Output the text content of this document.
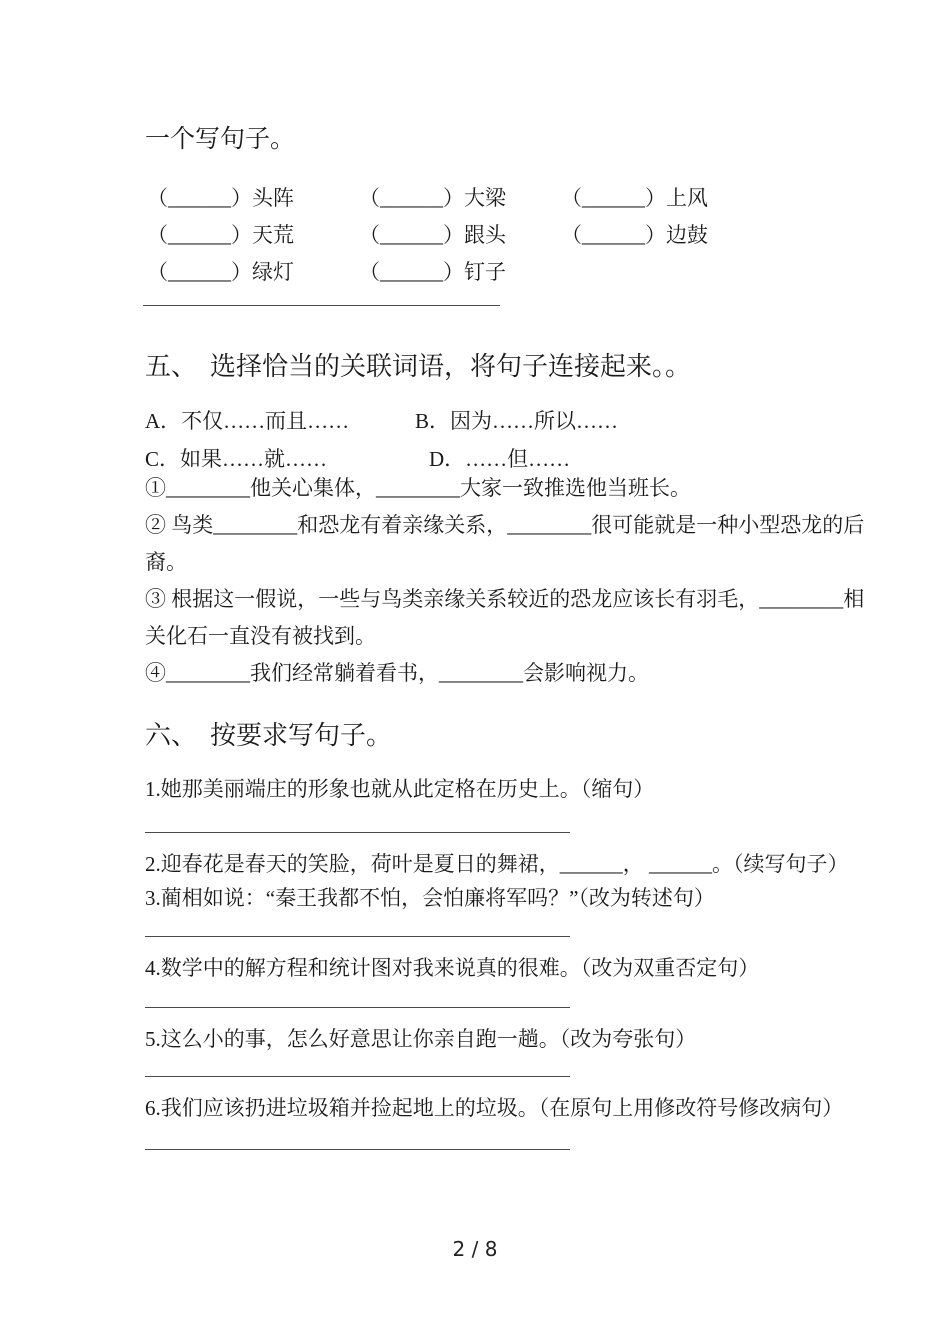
一个写句子。
（______）头阵	（______）大梁	（______）上风
（______）天荒	（______）跟头	（______）边鼓
（______）绿灯	（______）钉子
五、　选择恰当的关联词语，将句子连接起来。。
A．不仅……而且……	B．因为……所以……
C．如果……就……	D．……但……
①________他关心集体，________大家一致推选他当班长。
② 鸟类________和恐龙有着亲缘关系，________很可能就是一种小型恐龙的后
裔。
③ 根据这一假说，一些与鸟类亲缘关系较近的恐龙应该长有羽毛，________相
关化石一直没有被找到。
④________我们经常躺着看书，________会影响视力。
六、　按要求写句子。
1.她那美丽端庄的形象也就从此定格在历史上。（缩句）
2.迎春花是春天的笑脸，荷叶是夏日的舞裙，______， ______。（续写句子）
3.蔺相如说：“秦王我都不怕，会怕廉将军吗？”（改为转述句）
4.数学中的解方程和统计图对我来说真的很难。（改为双重否定句）
5.这么小的事，怎么好意思让你亲自跑一趟。（改为夸张句）
6.我们应该扔进垃圾箱并捡起地上的垃圾。（在原句上用修改符号修改病句）
2 / 8
